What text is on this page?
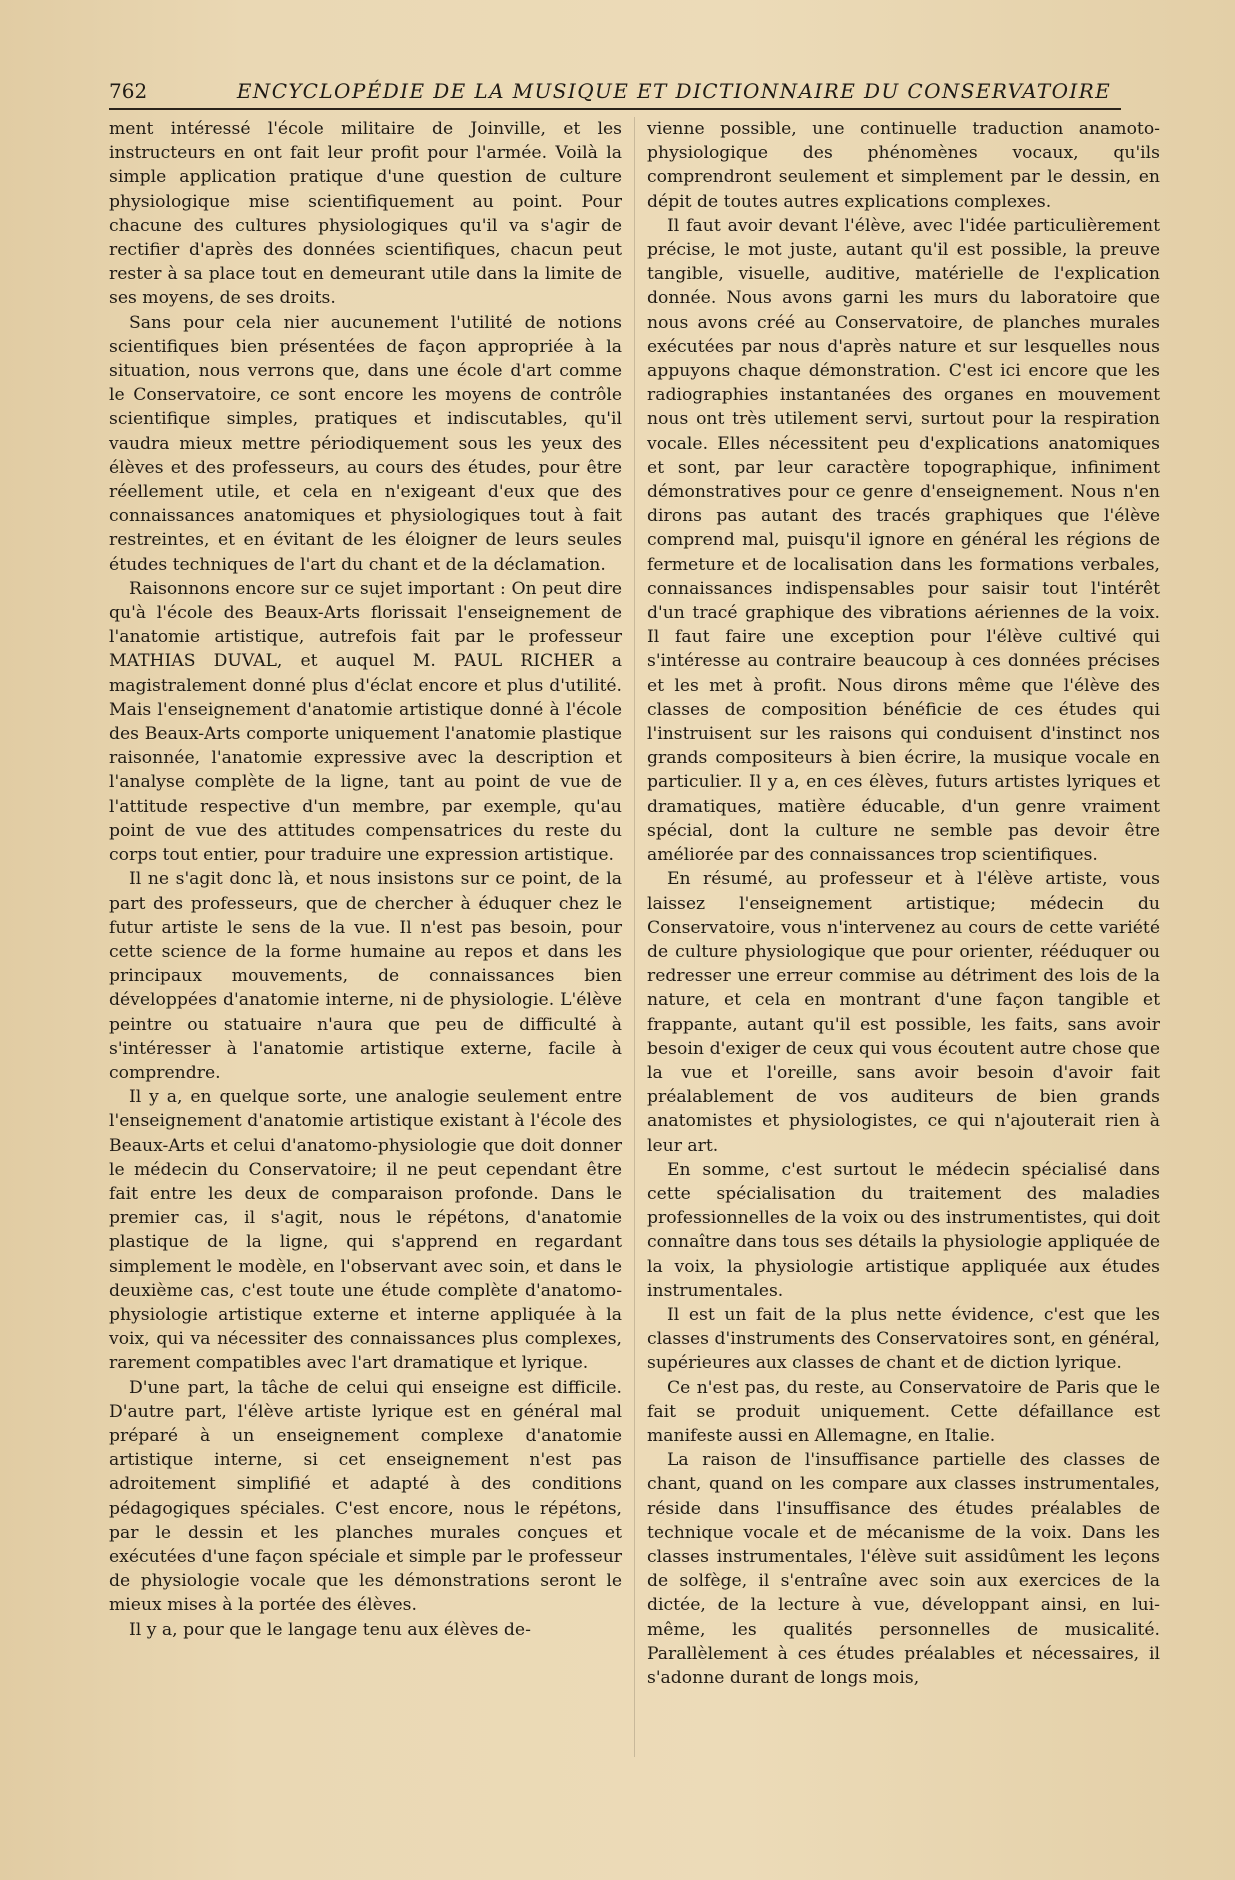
762	ENCYCLOPÉDIE DE LA MUSIQUE ET DICTIONNAIRE DU CONSERVATOIRE

ment intéressé l'école militaire de Joinville, et les instructeurs en ont fait leur profit pour l'armée. Voilà la simple application pratique d'une question de culture physiologique mise scientifiquement au point. Pour chacune des cultures physiologiques qu'il va s'agir de rectifier d'après des données scientifiques, chacun peut rester à sa place tout en demeurant utile dans la limite de ses moyens, de ses droits.

Sans pour cela nier aucunement l'utilité de notions scientifiques bien présentées de façon appropriée à la situation, nous verrons que, dans une école d'art comme le Conservatoire, ce sont encore les moyens de contrôle scientifique simples, pratiques et indiscutables, qu'il vaudra mieux mettre périodiquement sous les yeux des élèves et des professeurs, au cours des études, pour être réellement utile, et cela en n'exigeant d'eux que des connaissances anatomiques et physiologiques tout à fait restreintes, et en évitant de les éloigner de leurs seules études techniques de l'art du chant et de la déclamation.

Raisonnons encore sur ce sujet important : On peut dire qu'à l'école des Beaux-Arts florissait l'enseignement de l'anatomie artistique, autrefois fait par le professeur MATHIAS DUVAL, et auquel M. PAUL RICHER a magistralement donné plus d'éclat encore et plus d'utilité. Mais l'enseignement d'anatomie artistique donné à l'école des Beaux-Arts comporte uniquement l'anatomie plastique raisonnée, l'anatomie expressive avec la description et l'analyse complète de la ligne, tant au point de vue de l'attitude respective d'un membre, par exemple, qu'au point de vue des attitudes compensatrices du reste du corps tout entier, pour traduire une expression artistique.

Il ne s'agit donc là, et nous insistons sur ce point, de la part des professeurs, que de chercher à éduquer chez le futur artiste le sens de la vue. Il n'est pas besoin, pour cette science de la forme humaine au repos et dans les principaux mouvements, de connaissances bien développées d'anatomie interne, ni de physiologie. L'élève peintre ou statuaire n'aura que peu de difficulté à s'intéresser à l'anatomie artistique externe, facile à comprendre.

Il y a, en quelque sorte, une analogie seulement entre l'enseignement d'anatomie artistique existant à l'école des Beaux-Arts et celui d'anatomo-physiologie que doit donner le médecin du Conservatoire; il ne peut cependant être fait entre les deux de comparaison profonde. Dans le premier cas, il s'agit, nous le répétons, d'anatomie plastique de la ligne, qui s'apprend en regardant simplement le modèle, en l'observant avec soin, et dans le deuxième cas, c'est toute une étude complète d'anatomo-physiologie artistique externe et interne appliquée à la voix, qui va nécessiter des connaissances plus complexes, rarement compatibles avec l'art dramatique et lyrique.

D'une part, la tâche de celui qui enseigne est difficile. D'autre part, l'élève artiste lyrique est en général mal préparé à un enseignement complexe d'anatomie artistique interne, si cet enseignement n'est pas adroitement simplifié et adapté à des conditions pédagogiques spéciales. C'est encore, nous le répétons, par le dessin et les planches murales conçues et exécutées d'une façon spéciale et simple par le professeur de physiologie vocale que les démonstrations seront le mieux mises à la portée des élèves.

Il y a, pour que le langage tenu aux élèves de-

vienne possible, une continuelle traduction anamoto-physiologique des phénomènes vocaux, qu'ils comprendront seulement et simplement par le dessin, en dépit de toutes autres explications complexes.

Il faut avoir devant l'élève, avec l'idée particulièrement précise, le mot juste, autant qu'il est possible, la preuve tangible, visuelle, auditive, matérielle de l'explication donnée. Nous avons garni les murs du laboratoire que nous avons créé au Conservatoire, de planches murales exécutées par nous d'après nature et sur lesquelles nous appuyons chaque démonstration. C'est ici encore que les radiographies instantanées des organes en mouvement nous ont très utilement servi, surtout pour la respiration vocale. Elles nécessitent peu d'explications anatomiques et sont, par leur caractère topographique, infiniment démonstratives pour ce genre d'enseignement. Nous n'en dirons pas autant des tracés graphiques que l'élève comprend mal, puisqu'il ignore en général les régions de fermeture et de localisation dans les formations verbales, connaissances indispensables pour saisir tout l'intérêt d'un tracé graphique des vibrations aériennes de la voix. Il faut faire une exception pour l'élève cultivé qui s'intéresse au contraire beaucoup à ces données précises et les met à profit. Nous dirons même que l'élève des classes de composition bénéficie de ces études qui l'instruisent sur les raisons qui conduisent d'instinct nos grands compositeurs à bien écrire, la musique vocale en particulier. Il y a, en ces élèves, futurs artistes lyriques et dramatiques, matière éducable, d'un genre vraiment spécial, dont la culture ne semble pas devoir être améliorée par des connaissances trop scientifiques.

En résumé, au professeur et à l'élève artiste, vous laissez l'enseignement artistique; médecin du Conservatoire, vous n'intervenez au cours de cette variété de culture physiologique que pour orienter, rééduquer ou redresser une erreur commise au détriment des lois de la nature, et cela en montrant d'une façon tangible et frappante, autant qu'il est possible, les faits, sans avoir besoin d'exiger de ceux qui vous écoutent autre chose que la vue et l'oreille, sans avoir besoin d'avoir fait préalablement de vos auditeurs de bien grands anatomistes et physiologistes, ce qui n'ajouterait rien à leur art.

En somme, c'est surtout le médecin spécialisé dans cette spécialisation du traitement des maladies professionnelles de la voix ou des instrumentistes, qui doit connaître dans tous ses détails la physiologie appliquée de la voix, la physiologie artistique appliquée aux études instrumentales.

Il est un fait de la plus nette évidence, c'est que les classes d'instruments des Conservatoires sont, en général, supérieures aux classes de chant et de diction lyrique.

Ce n'est pas, du reste, au Conservatoire de Paris que le fait se produit uniquement. Cette défaillance est manifeste aussi en Allemagne, en Italie.

La raison de l'insuffisance partielle des classes de chant, quand on les compare aux classes instrumentales, réside dans l'insuffisance des études préalables de technique vocale et de mécanisme de la voix. Dans les classes instrumentales, l'élève suit assidûment les leçons de solfège, il s'entraîne avec soin aux exercices de la dictée, de la lecture à vue, développant ainsi, en lui-même, les qualités personnelles de musicalité. Parallèlement à ces études préalables et nécessaires, il s'adonne durant de longs mois,
